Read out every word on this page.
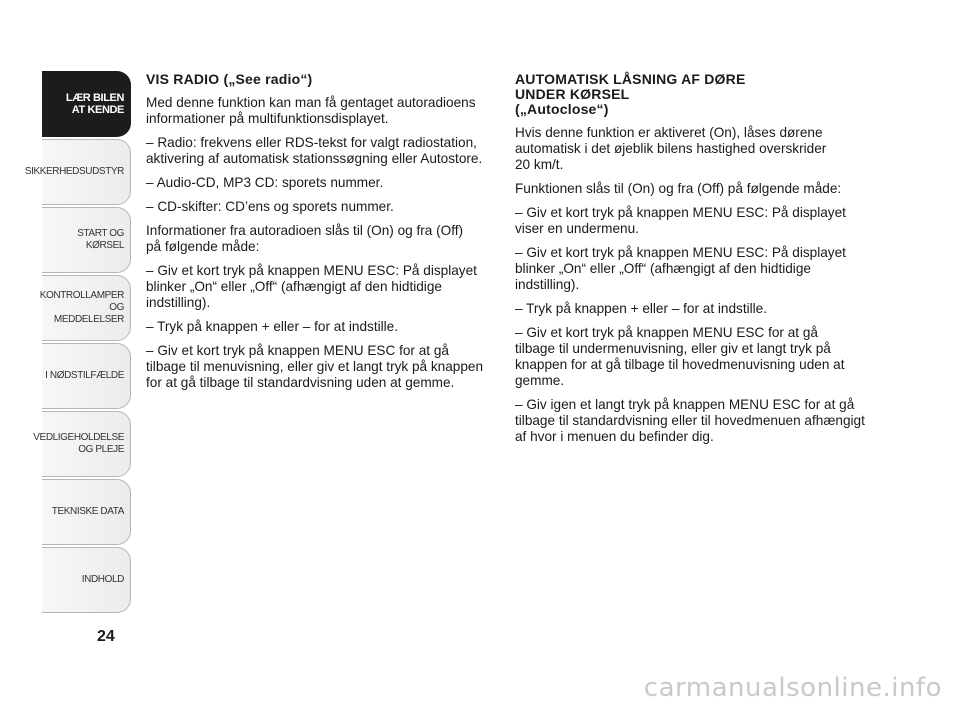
LÆR BILEN
AT KENDE
SIKKERHEDSUDSTYR
START OG KØRSEL
KONTROLLAMPER
OG MEDDELELSER
I NØDSTILFÆLDE
VEDLIGEHOLDELSE
OG PLEJE
TEKNISKE DATA
INDHOLD
24
VIS RADIO („See radio“)

Med denne funktion kan man få gentaget autoradioens
informationer på multifunktionsdisplayet.

– Radio: frekvens eller RDS-tekst for valgt radiostation,
aktivering af automatisk stationssøgning eller Autostore.

– Audio-CD, MP3 CD: sporets nummer.

– CD-skifter: CD’ens og sporets nummer.

Informationer fra autoradioen slås til (On) og fra (Off)
på følgende måde:

– Giv et kort tryk på knappen MENU ESC: På displayet
blinker „On“ eller „Off“ (afhængigt af den hidtidige
indstilling).

– Tryk på knappen + eller – for at indstille.

– Giv et kort tryk på knappen MENU ESC for at gå
tilbage til menuvisning, eller giv et langt tryk på knappen
for at gå tilbage til standardvisning uden at gemme.

AUTOMATISK LÅSNING AF DØRE
UNDER KØRSEL
(„Autoclose“)

Hvis denne funktion er aktiveret (On), låses dørene
automatisk i det øjeblik bilens hastighed overskrider
20 km/t.

Funktionen slås til (On) og fra (Off) på følgende måde:

– Giv et kort tryk på knappen MENU ESC: På displayet
viser en undermenu.

– Giv et kort tryk på knappen MENU ESC: På displayet
blinker „On“ eller „Off“ (afhængigt af den hidtidige
indstilling).

– Tryk på knappen + eller – for at indstille.

– Giv et kort tryk på knappen MENU ESC for at gå
tilbage til undermenuvisning, eller giv et langt tryk på
knappen for at gå tilbage til hovedmenuvisning uden at
gemme.

– Giv igen et langt tryk på knappen MENU ESC for at gå
tilbage til standardvisning eller til hovedmenuen afhængigt
af hvor i menuen du befinder dig.

carmanualsonline.info
